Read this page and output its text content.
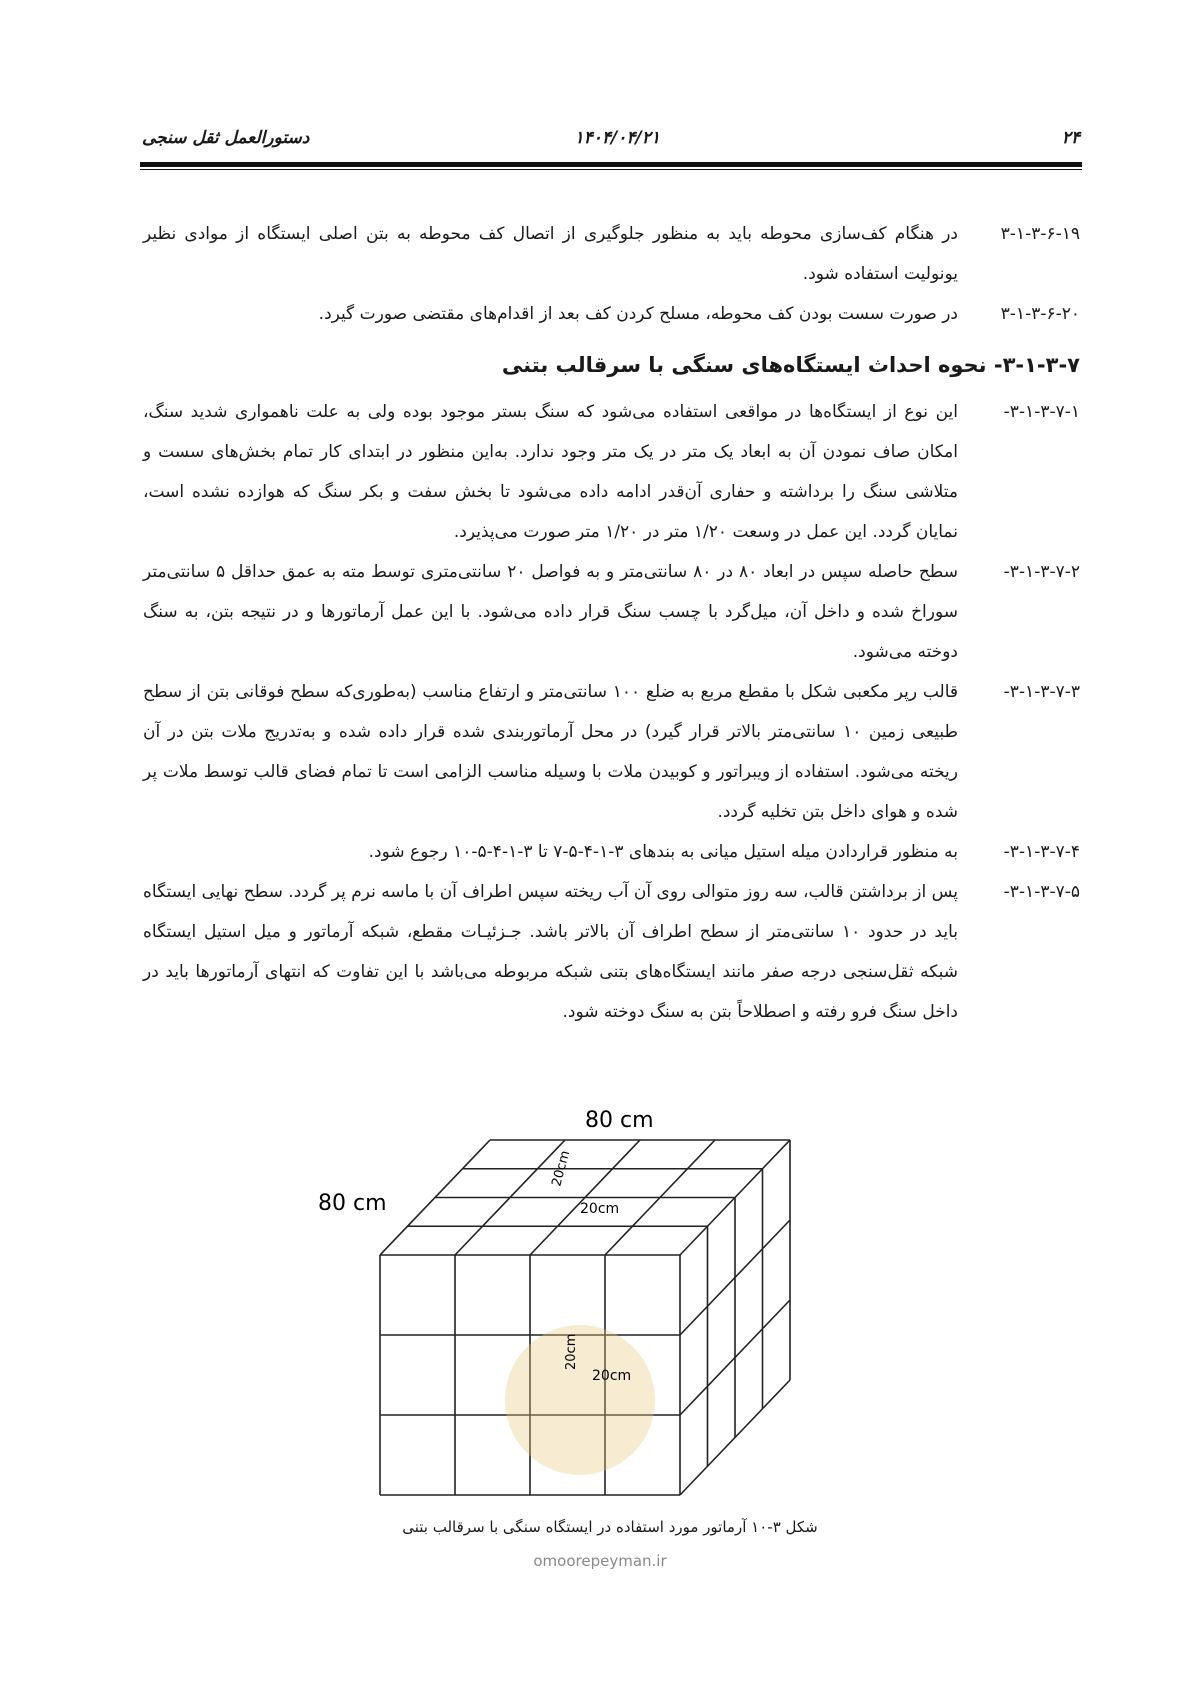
۲۴
۱۴۰۴/۰۴/۲۱
دستورالعمل ثقل سنجی
۳-۱-۳-۶-۱۹
در هنگام کف‌سازی محوطه باید به منظور جلوگیری از اتصال کف محوطه به بتن اصلی ایستگاه از موادی نظیر یونولیت استفاده شود.
۳-۱-۳-۶-۲۰
در صورت سست بودن کف محوطه، مسلح کردن کف بعد از اقدام‌های مقتضی صورت گیرد.
۳-۱-۳-۷- نحوه احداث ایستگاه‌های سنگی با سرقالب بتنی
۳-۱-۳-۷-۱-
این نوع از ایستگاه‌ها در مواقعی استفاده می‌شود که سنگ بستر موجود بوده ولی به علت ناهمواری شدید سنگ، امکان صاف نمودن آن به ابعاد یک متر در یک متر وجود ندارد. به‌این منظور در ابتدای کار تمام بخش‌های سست و متلاشی سنگ را برداشته و حفاری آن‌قدر ادامه داده می‌شود تا بخش سفت و بکر سنگ که هوازده نشده است، نمایان گردد. این عمل در وسعت ۱/۲۰ متر در ۱/۲۰ متر صورت می‌پذیرد.
۳-۱-۳-۷-۲-
سطح حاصله سپس در ابعاد ۸۰ در ۸۰ سانتی‌متر و به فواصل ۲۰ سانتی‌متری توسط مته به عمق حداقل ۵ سانتی‌متر سوراخ شده و داخل آن، میل‌گرد با چسب سنگ قرار داده می‌شود. با این عمل آرماتورها و در نتیجه بتن، به سنگ دوخته می‌شود.
۳-۱-۳-۷-۳-
قالب رپر مکعبی شکل با مقطع مربع به ضلع ۱۰۰ سانتی‌متر و ارتفاع مناسب (به‌طوری‌که سطح فوقانی بتن از سطح طبیعی زمین ۱۰ سانتی‌متر بالاتر قرار گیرد) در محل آرماتوربندی شده قرار داده شده و به‌تدریج ملات بتن در آن ریخته می‌شود. استفاده از ویبراتور و کوبیدن ملات با وسیله مناسب الزامی است تا تمام فضای قالب توسط ملات پر شده و هوای داخل بتن تخلیه گردد.
۳-۱-۳-۷-۴-
به منظور قراردادن میله استیل میانی به بندهای ۳-۱-۴-۵-۷ تا ۳-۱-۴-۵-۱۰ رجوع شود.
۳-۱-۳-۷-۵-
پس از برداشتن قالب، سه روز متوالی روی آن آب ریخته سپس اطراف آن با ماسه نرم پر گردد. سطح نهایی ایستگاه باید در حدود ۱۰ سانتی‌متر از سطح اطراف آن بالاتر باشد. جـزئیـات مقطع، شبکه آرماتور و میل استیل ایستگاه شبکه ثقل‌سنجی درجه صفر مانند ایستگاه‌های بتنی شبکه مربوطه می‌باشد با این تفاوت که انتهای آرماتورها باید در داخل سنگ فرو رفته و اصطلاحاً بتن به سنگ دوخته شود.
80 cm
80 cm
20cm
20cm
20cm
20cm
شکل ۳-۱۰ آرماتور مورد استفاده در ایستگاه سنگی با سرقالب بتنی
omoorepeyman.ir
